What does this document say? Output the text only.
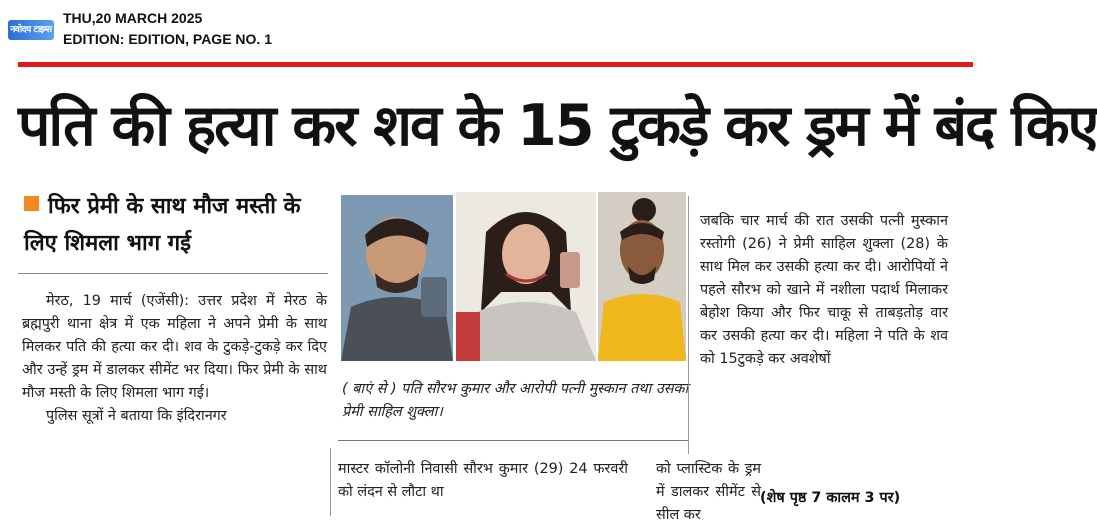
नवोदय टाइम्स
THU,20 MARCH 2025
EDITION: EDITION, PAGE NO. 1
पति की हत्या कर शव के 15 टुकड़े कर ड्रम में बंद किए
फिर प्रेमी के साथ मौज मस्ती के लिए शिमला भाग गई

मेरठ, 19 मार्च (एजेंसी): उत्तर प्रदेश में मेरठ के ब्रह्मपुरी थाना क्षेत्र में एक महिला ने अपने प्रेमी के साथ मिलकर पति की हत्या कर दी। शव के टुकड़े-टुकड़े कर दिए और उन्हें ड्रम में डालकर सीमेंट भर दिया। फिर प्रेमी के साथ मौज मस्ती के लिए शिमला भाग गई।

पुलिस सूत्रों ने बताया कि इंदिरानगर

( बाएं से ) पति सौरभ कुमार और आरोपी पत्नी मुस्कान तथा उसका प्रेमी साहिल शुक्ला।

जबकि चार मार्च की रात उसकी पत्नी मुस्कान रस्तोगी (26) ने प्रेमी साहिल शुक्ला (28) के साथ मिल कर उसकी हत्या कर दी। आरोपियों ने पहले सौरभ को खाने में नशीला पदार्थ मिलाकर बेहोश किया और फिर चाकू से ताबड़तोड़ वार कर उसकी हत्या कर दी। महिला ने पति के शव को 15टुकड़े कर अवशेषों

मास्टर कॉलोनी निवासी सौरभ कुमार (29) 24 फरवरी को लंदन से लौटा था

को प्लास्टिक के ड्रम में डालकर सीमेंट से सील कर

(शेष पृष्ठ 7 कालम 3 पर)
